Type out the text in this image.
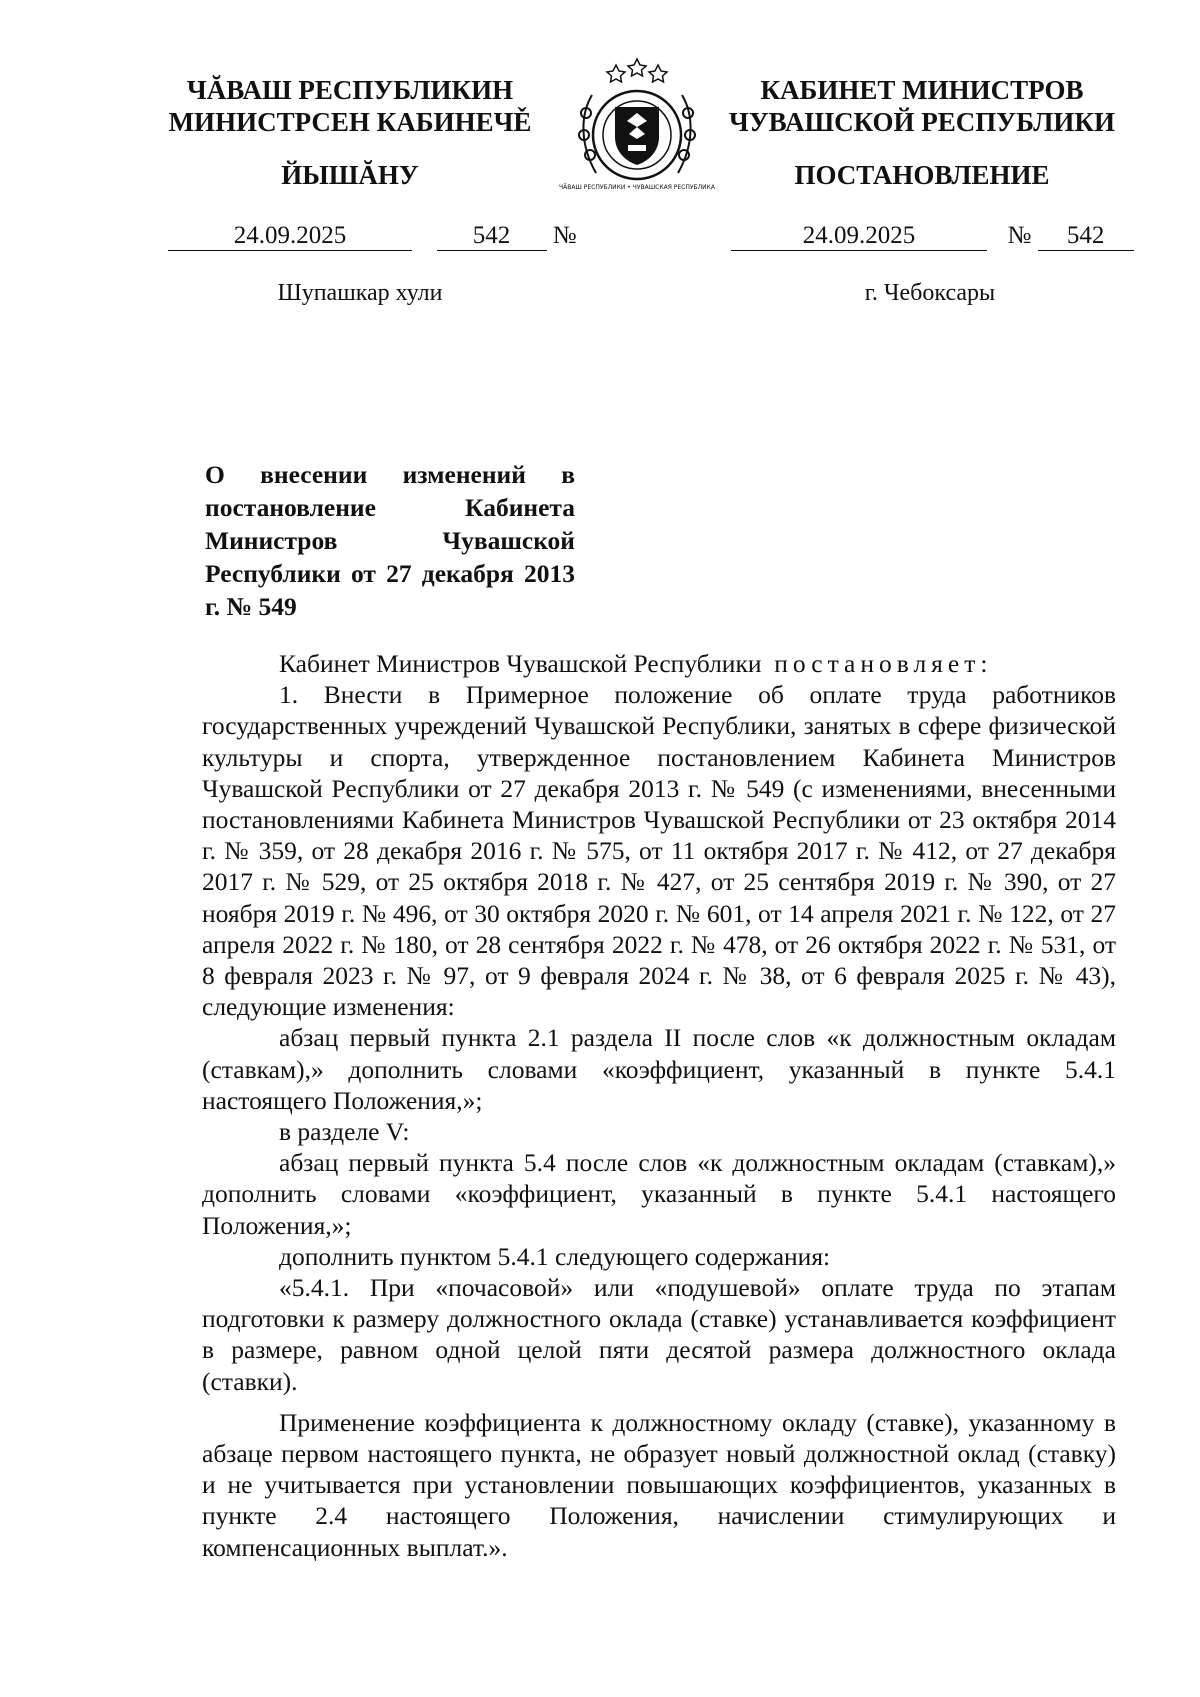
ЧĂВАШ РЕСПУБЛИКИН
МИНИСТРСЕН КАБИНЕЧĚ
ЙЫШĂНУ	ЧĂВАШ РЕСПУБЛИКИ • ЧУВАШСКАЯ РЕСПУБЛИКА
КАБИНЕТ МИНИСТРОВ
ЧУВАШСКОЙ РЕСПУБЛИКИ
ПОСТАНОВЛЕНИЕ
24.09.2025	542 №	24.09.2025	№ 542
Шупашкар хули	г. Чебоксары
О внесении изменений в постановление Кабинета Министров Чувашской Республики от 27 декабря 2013 г. № 549

Кабинет Министров Чувашской Республики постановляет:

1. Внести в Примерное положение об оплате труда работников государственных учреждений Чувашской Республики, занятых в сфере физической культуры и спорта, утвержденное постановлением Кабинета Министров Чувашской Республики от 27 декабря 2013 г. № 549 (с изменениями, внесенными постановлениями Кабинета Министров Чувашской Республики от 23 октября 2014 г. № 359, от 28 декабря 2016 г. № 575, от 11 октября 2017 г. № 412, от 27 декабря 2017 г. № 529, от 25 октября 2018 г. № 427, от 25 сентября 2019 г. № 390, от 27 ноября 2019 г. № 496, от 30 октября 2020 г. № 601, от 14 апреля 2021 г. № 122, от 27 апреля 2022 г. № 180, от 28 сентября 2022 г. № 478, от 26 октября 2022 г. № 531, от 8 февраля 2023 г. № 97, от 9 февраля 2024 г. № 38, от 6 февраля 2025 г. № 43), следующие изменения:

абзац первый пункта 2.1 раздела II после слов «к должностным окладам (ставкам),» дополнить словами «коэффициент, указанный в пункте 5.4.1 настоящего Положения,»;

в разделе V:

абзац первый пункта 5.4 после слов «к должностным окладам (ставкам),» дополнить словами «коэффициент, указанный в пункте 5.4.1 настоящего Положения,»;

дополнить пунктом 5.4.1 следующего содержания:

«5.4.1. При «почасовой» или «подушевой» оплате труда по этапам подготовки к размеру должностного оклада (ставке) устанавливается коэффициент в размере, равном одной целой пяти десятой размера должностного оклада (ставки).

Применение коэффициента к должностному окладу (ставке), указанному в абзаце первом настоящего пункта, не образует новый должностной оклад (ставку) и не учитывается при установлении повышающих коэффициентов, указанных в пункте 2.4 настоящего Положения, начислении стимулирующих и компенсационных выплат.».
